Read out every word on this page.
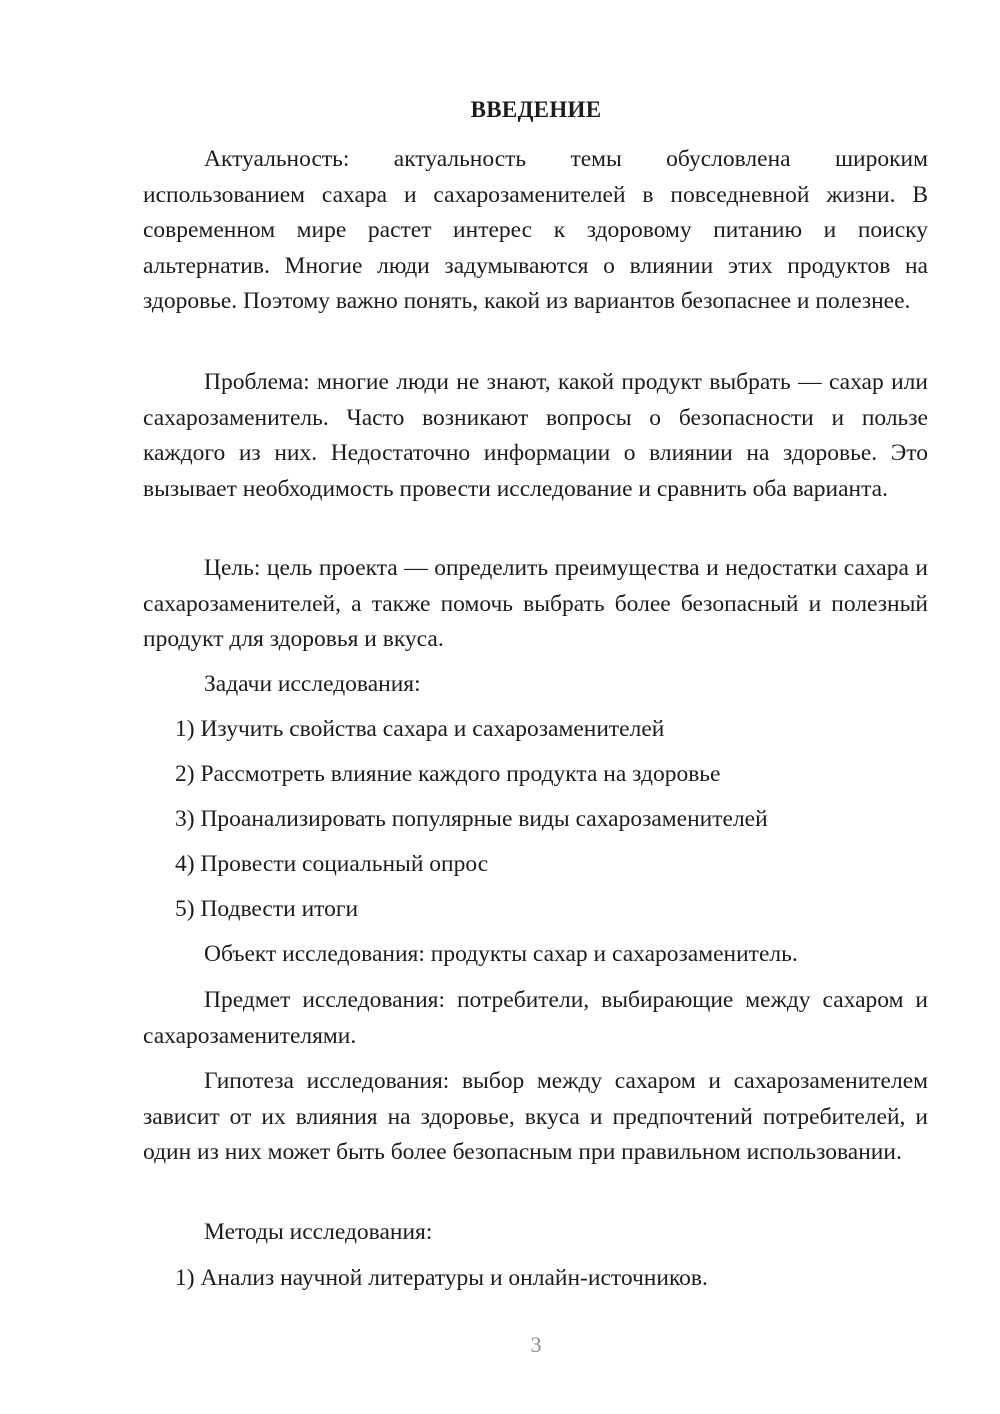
ВВЕДЕНИЕ
Актуальность: актуальность темы обусловлена широким использованием сахара и сахарозаменителей в повседневной жизни. В современном мире растет интерес к здоровому питанию и поиску альтернатив. Многие люди задумываются о влиянии этих продуктов на здоровье. Поэтому важно понять, какой из вариантов безопаснее и полезнее.
Проблема: многие люди не знают, какой продукт выбрать — сахар или сахарозаменитель. Часто возникают вопросы о безопасности и пользе каждого из них. Недостаточно информации о влиянии на здоровье. Это вызывает необходимость провести исследование и сравнить оба варианта.
Цель: цель проекта — определить преимущества и недостатки сахара и сахарозаменителей, а также помочь выбрать более безопасный и полезный продукт для здоровья и вкуса.
Задачи исследования:
1) Изучить свойства сахара и сахарозаменителей
2) Рассмотреть влияние каждого продукта на здоровье
3) Проанализировать популярные виды сахарозаменителей
4) Провести социальный опрос
5) Подвести итоги
Объект исследования: продукты сахар и сахарозаменитель.
Предмет исследования: потребители, выбирающие между сахаром и сахарозаменителями.
Гипотеза исследования: выбор между сахаром и сахарозаменителем зависит от их влияния на здоровье, вкуса и предпочтений потребителей, и один из них может быть более безопасным при правильном использовании.
Методы исследования:
1) Анализ научной литературы и онлайн-источников.
3
